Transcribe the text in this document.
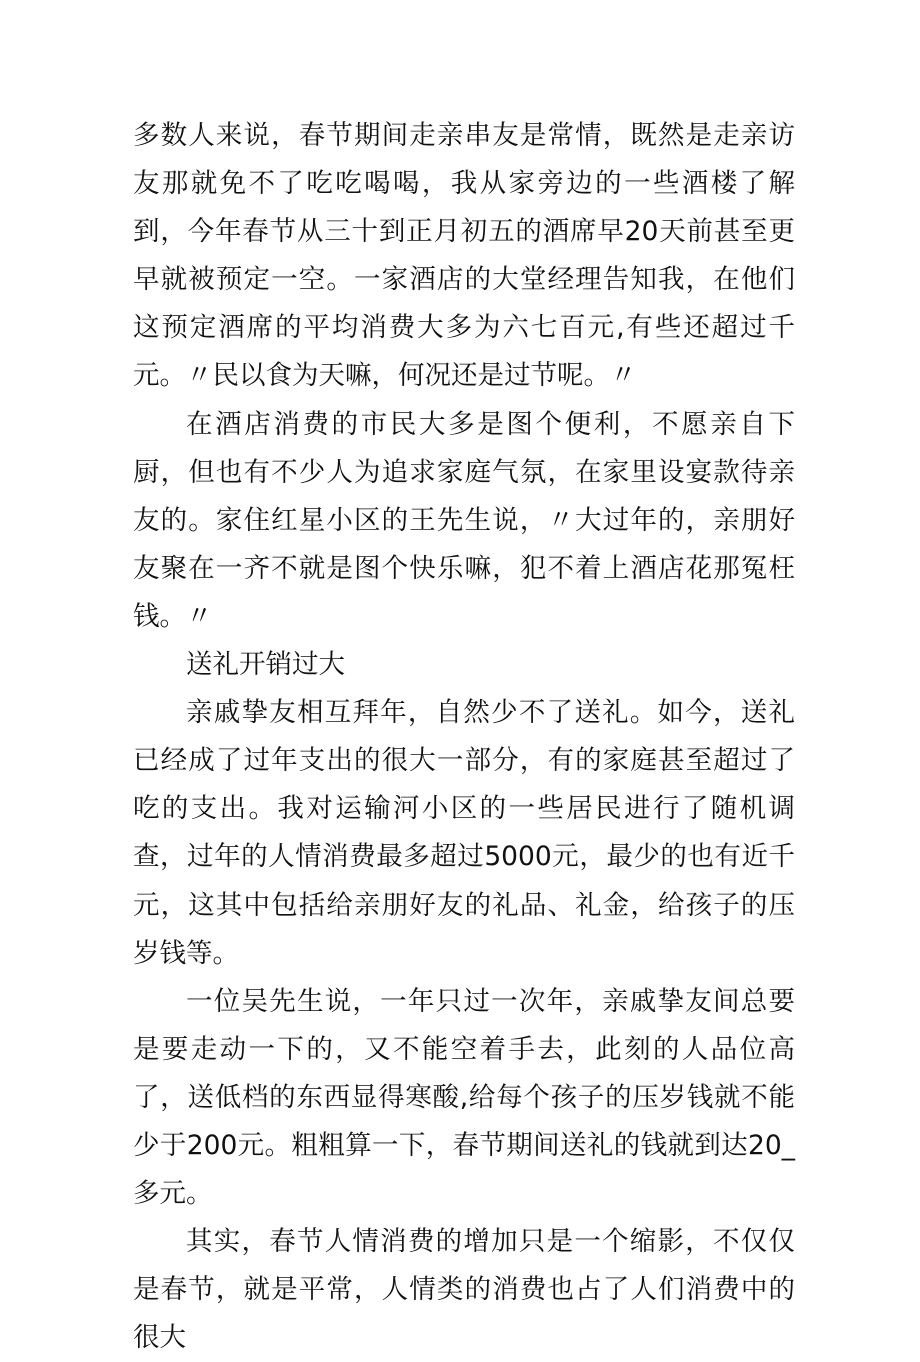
多数人来说，春节期间走亲串友是常情，既然是走亲访友那就免不了吃吃喝喝，我从家旁边的一些酒楼了解到，今年春节从三十到正月初五的酒席早20天前甚至更早就被预定一空。一家酒店的大堂经理告知我，在他们这预定酒席的平均消费大多为六七百元,有些还超过千元。〃民以食为天嘛，何况还是过节呢。〃

在酒店消费的市民大多是图个便利，不愿亲自下厨，但也有不少人为追求家庭气氛，在家里设宴款待亲友的。家住红星小区的王先生说，〃大过年的，亲朋好友聚在一齐不就是图个快乐嘛，犯不着上酒店花那冤枉钱。〃

送礼开销过大

亲戚挚友相互拜年，自然少不了送礼。如今，送礼已经成了过年支出的很大一部分，有的家庭甚至超过了吃的支出。我对运输河小区的一些居民进行了随机调查，过年的人情消费最多超过5000元，最少的也有近千元，这其中包括给亲朋好友的礼品、礼金，给孩子的压岁钱等。

一位吴先生说，一年只过一次年，亲戚挚友间总要是要走动一下的，又不能空着手去，此刻的人品位高了，送低档的东西显得寒酸,给每个孩子的压岁钱就不能少于200元。粗粗算一下，春节期间送礼的钱就到达20_多元。

其实，春节人情消费的增加只是一个缩影，不仅仅是春节，就是平常，人情类的消费也占了人们消费中的很大
